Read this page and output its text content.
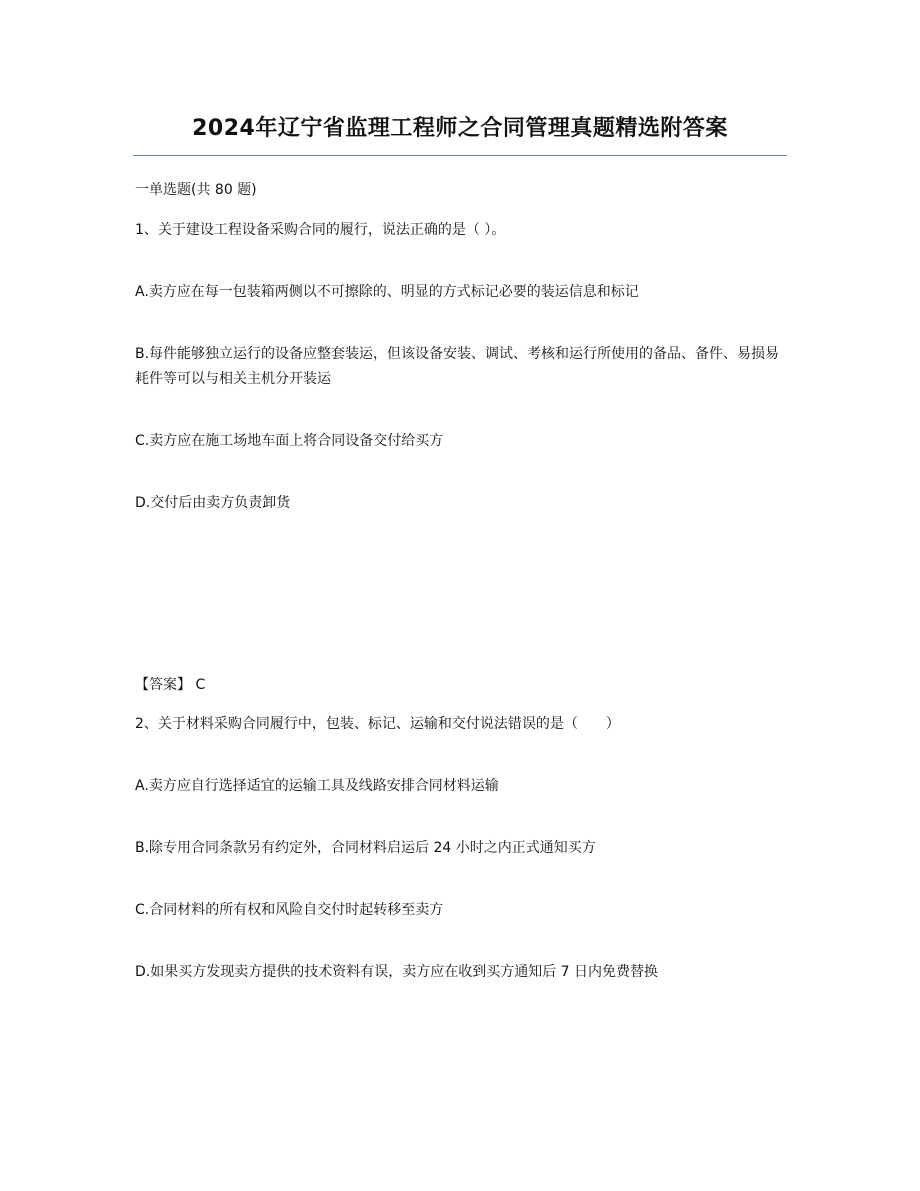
2024年辽宁省监理工程师之合同管理真题精选附答案
一单选题(共 80 题)
1、关于建设工程设备采购合同的履行，说法正确的是（ ）。
A.卖方应在每一包装箱两侧以不可擦除的、明显的方式标记必要的装运信息和标记
B.每件能够独立运行的设备应整套装运，但该设备安装、调试、考核和运行所使用的备品、备件、易损易耗件等可以与相关主机分开装运
C.卖方应在施工场地车面上将合同设备交付给买方
D.交付后由卖方负责卸货
【答案】 C
2、关于材料采购合同履行中，包装、标记、运输和交付说法错误的是（　　）
A.卖方应自行选择适宜的运输工具及线路安排合同材料运输
B.除专用合同条款另有约定外，合同材料启运后 24 小时之内正式通知买方
C.合同材料的所有权和风险自交付时起转移至卖方
D.如果买方发现卖方提供的技术资料有误，卖方应在收到买方通知后 7 日内免费替换
